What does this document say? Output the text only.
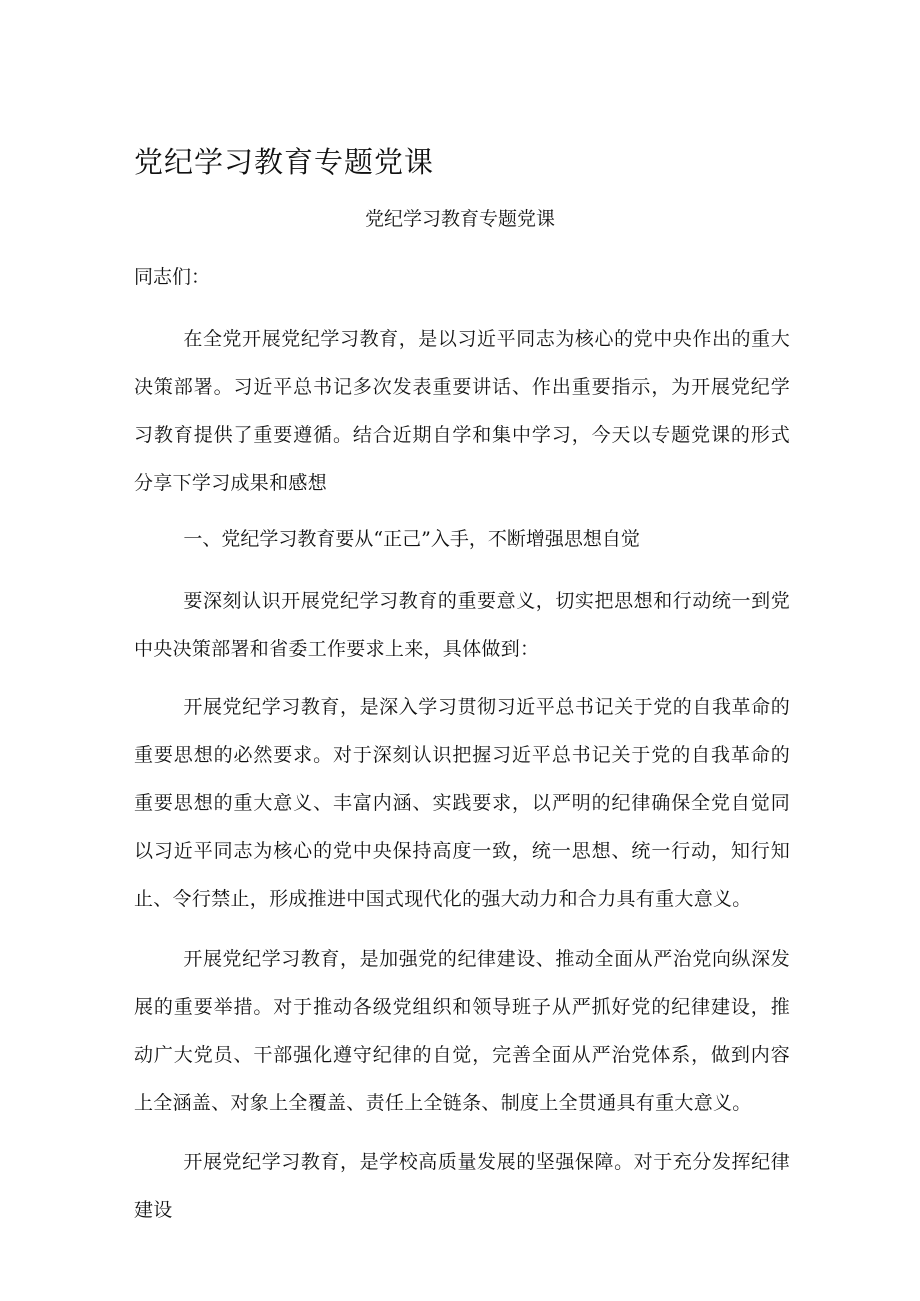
党纪学习教育专题党课
党纪学习教育专题党课

同志们：

在全党开展党纪学习教育，是以习近平同志为核心的党中央作出的重大决策部署。习近平总书记多次发表重要讲话、作出重要指示，为开展党纪学习教育提供了重要遵循。结合近期自学和集中学习，今天以专题党课的形式分享下学习成果和感想

一、党纪学习教育要从“正己”入手，不断增强思想自觉

要深刻认识开展党纪学习教育的重要意义，切实把思想和行动统一到党中央决策部署和省委工作要求上来，具体做到：

开展党纪学习教育，是深入学习贯彻习近平总书记关于党的自我革命的重要思想的必然要求。对于深刻认识把握习近平总书记关于党的自我革命的重要思想的重大意义、丰富内涵、实践要求，以严明的纪律确保全党自觉同以习近平同志为核心的党中央保持高度一致，统一思想、统一行动，知行知止、令行禁止，形成推进中国式现代化的强大动力和合力具有重大意义。

开展党纪学习教育，是加强党的纪律建设、推动全面从严治党向纵深发展的重要举措。对于推动各级党组织和领导班子从严抓好党的纪律建设，推动广大党员、干部强化遵守纪律的自觉，完善全面从严治党体系，做到内容上全涵盖、对象上全覆盖、责任上全链条、制度上全贯通具有重大意义。

开展党纪学习教育，是学校高质量发展的坚强保障。对于充分发挥纪律建设
